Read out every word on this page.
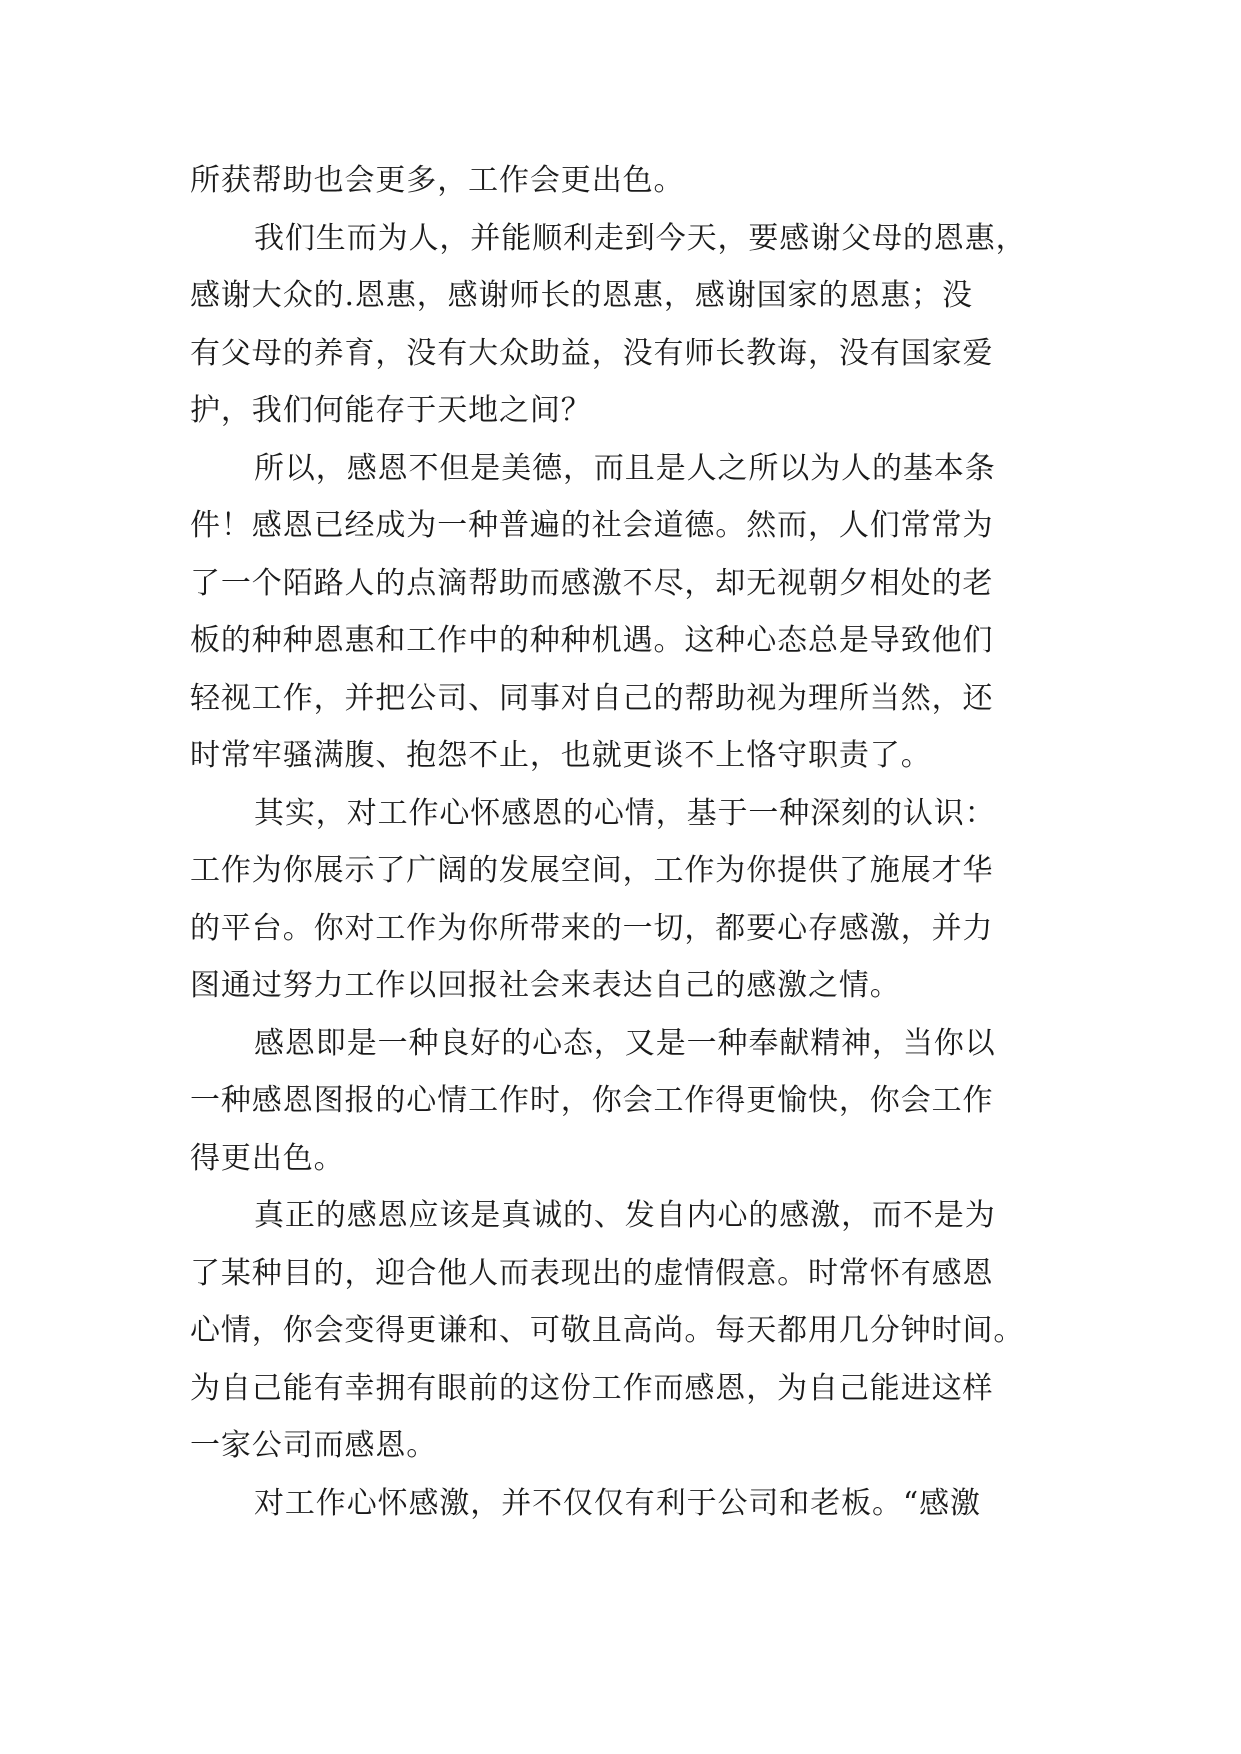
所获帮助也会更多，工作会更出色。
我们生而为人，并能顺利走到今天，要感谢父母的恩惠，
感谢大众的.恩惠，感谢师长的恩惠，感谢国家的恩惠；没
有父母的养育，没有大众助益，没有师长教诲，没有国家爱
护，我们何能存于天地之间？
所以，感恩不但是美德，而且是人之所以为人的基本条
件！感恩已经成为一种普遍的社会道德。然而，人们常常为
了一个陌路人的点滴帮助而感激不尽，却无视朝夕相处的老
板的种种恩惠和工作中的种种机遇。这种心态总是导致他们
轻视工作，并把公司、同事对自己的帮助视为理所当然，还
时常牢骚满腹、抱怨不止，也就更谈不上恪守职责了。
其实，对工作心怀感恩的心情，基于一种深刻的认识：
工作为你展示了广阔的发展空间，工作为你提供了施展才华
的平台。你对工作为你所带来的一切，都要心存感激，并力
图通过努力工作以回报社会来表达自己的感激之情。
感恩即是一种良好的心态，又是一种奉献精神，当你以
一种感恩图报的心情工作时，你会工作得更愉快，你会工作
得更出色。
真正的感恩应该是真诚的、发自内心的感激，而不是为
了某种目的，迎合他人而表现出的虚情假意。时常怀有感恩
心情，你会变得更谦和、可敬且高尚。每天都用几分钟时间。
为自己能有幸拥有眼前的这份工作而感恩，为自己能进这样
一家公司而感恩。
对工作心怀感激，并不仅仅有利于公司和老板。“感激
